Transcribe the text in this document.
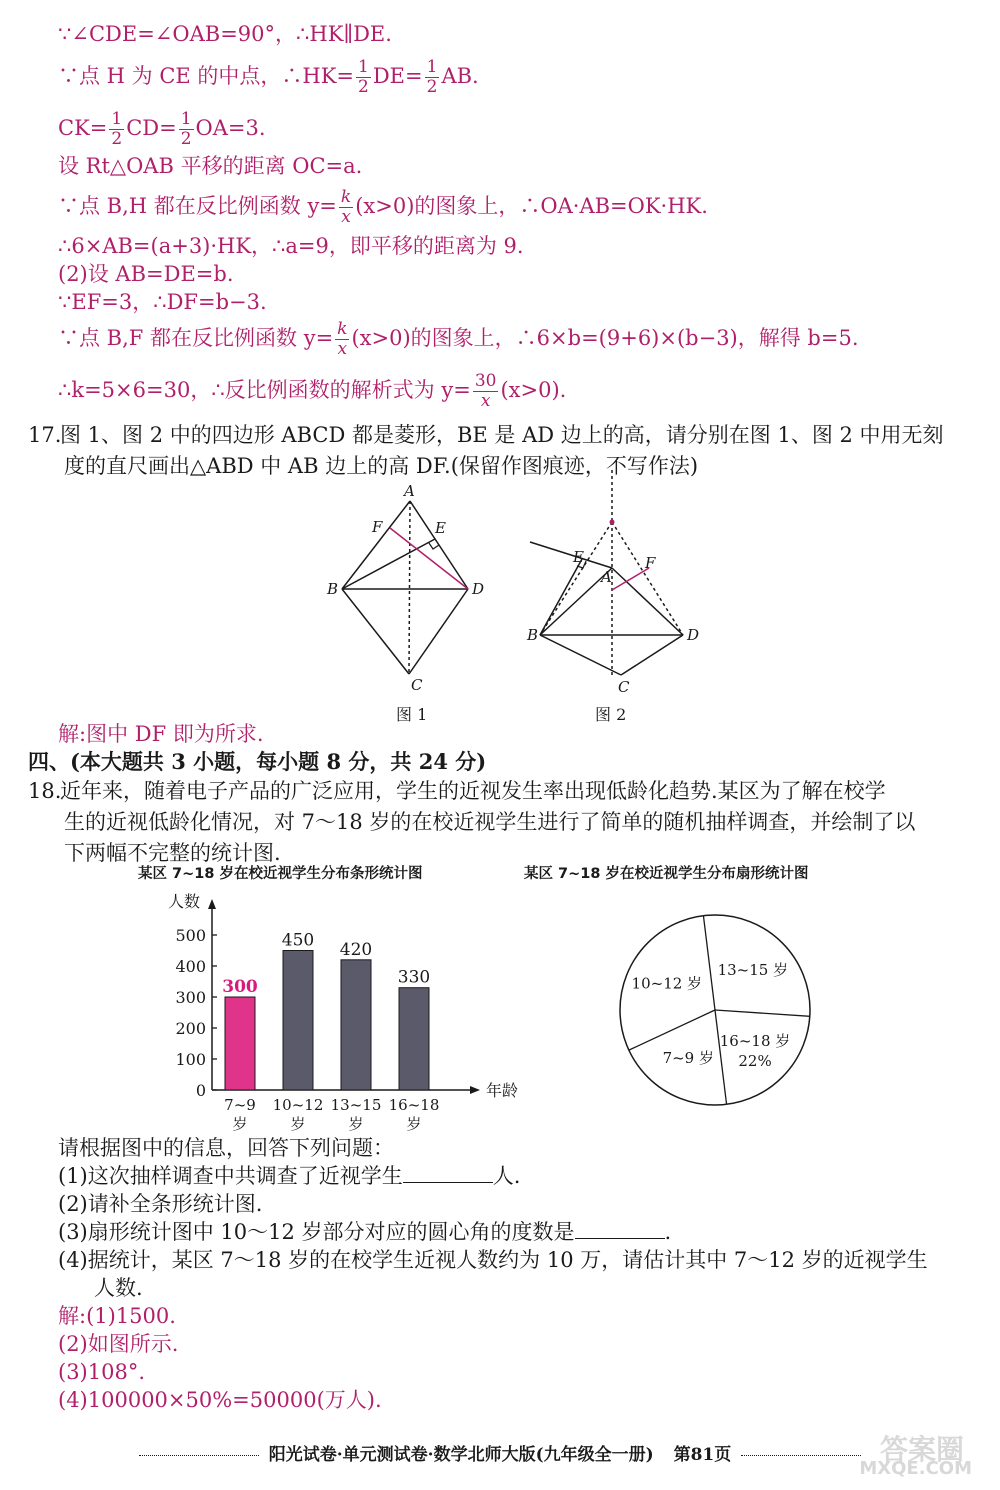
∵∠CDE=∠OAB=90°，∴HK∥DE.
∵点 H 为 CE 的中点，∴HK= $\frac{1}{2} DE= \frac{1}{2}$ AB.
$CK= \frac{1}{2} CD= \frac{1}{2} OA=3$.
设 Rt△OAB 平移的距离 OC=a.
∵点 B,H 都在反比例函数 $y= \frac{k}{x} (x>0)$的图象上，∴OA·AB=OK·HK.
∴6×AB=(a+3)·HK，∴a=9，即平移的距离为 9.
(2)设 AB=DE=b.
∵EF=3，∴DF=b−3.
∵点 B,F 都在反比例函数 $y= \frac{k}{x} (x>0)$的图象上，∴6×b=(9+6)×(b−3)，解得 b=5.
∴k=5×6=30，∴反比例函数的解析式为 $y= \frac{30}{x} (x>0)$.
17.图 1、图 2 中的四边形 ABCD 都是菱形，BE 是 AD 边上的高，请分别在图 1、图 2 中用无刻
度的直尺画出△ABD 中 AB 边上的高 DF.(保留作图痕迹，不写作法)
A
B
C
D
E
F
图 1
A
B
C
D
E	F
图 2
解:图中 DF 即为所求.
四、(本大题共 3 小题，每小题 8 分，共 24 分)
18.近年来，随着电子产品的广泛应用，学生的近视发生率出现低龄化趋势.某区为了解在校学
生的近视低龄化情况，对 7～18 岁的在校近视学生进行了简单的随机抽样调查，并绘制了以
下两幅不完整的统计图.
某区 7~18 岁在校近视学生分布条形统计图	某区 7~18 岁在校近视学生分布扇形统计图
人数
年龄
0
100
200
300
400
500
300
7~9
岁
450
10~12
岁
420
13~15
岁
330
16~18
岁
10~12 岁
13~15 岁
16~18 岁
22%
7~9 岁
请根据图中的信息，回答下列问题：
(1)这次抽样调查中共调查了近视学生	人.
(2)请补全条形统计图.
(3)扇形统计图中 10～12 岁部分对应的圆心角的度数是	.
(4)据统计，某区 7～18 岁的在校学生近视人数约为 10 万，请估计其中 7～12 岁的近视学生
人数.
解:(1)1500.
(2)如图所示.
(3)108°.
(4)100000×50%=50000(万人).
阳光试卷·单元测试卷·数学北师大版(九年级全一册) 第81页	答案圈
MXQE.COM
